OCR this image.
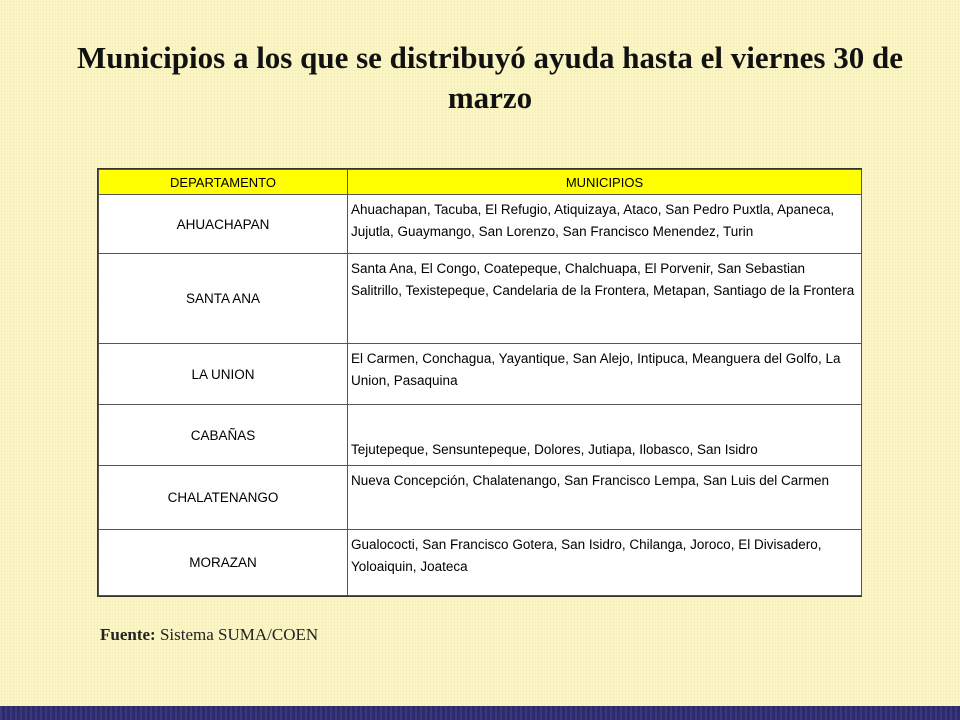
Municipios a los que se distribuyó ayuda hasta el viernes 30 de marzo
DEPARTAMENTO	MUNICIPIOS
AHUACHAPAN	Ahuachapan, Tacuba, El Refugio, Atiquizaya, Ataco, San Pedro Puxtla, Apaneca, Jujutla, Guaymango, San Lorenzo, San Francisco Menendez, Turin
SANTA ANA	Santa Ana, El Congo, Coatepeque, Chalchuapa, El Porvenir, San Sebastian Salitrillo, Texistepeque, Candelaria de la Frontera, Metapan, Santiago de la Frontera
LA UNION	El Carmen, Conchagua, Yayantique, San Alejo, Intipuca, Meanguera del Golfo, La Union, Pasaquina
CABAÑAS	Tejutepeque, Sensuntepeque, Dolores, Jutiapa, Ilobasco, San Isidro
CHALATENANGO	Nueva Concepción, Chalatenango, San Francisco Lempa, San Luis del Carmen
MORAZAN	Gualococti, San Francisco Gotera, San Isidro, Chilanga, Joroco, El Divisadero, Yoloaiquin, Joateca
Fuente: Sistema SUMA/COEN
